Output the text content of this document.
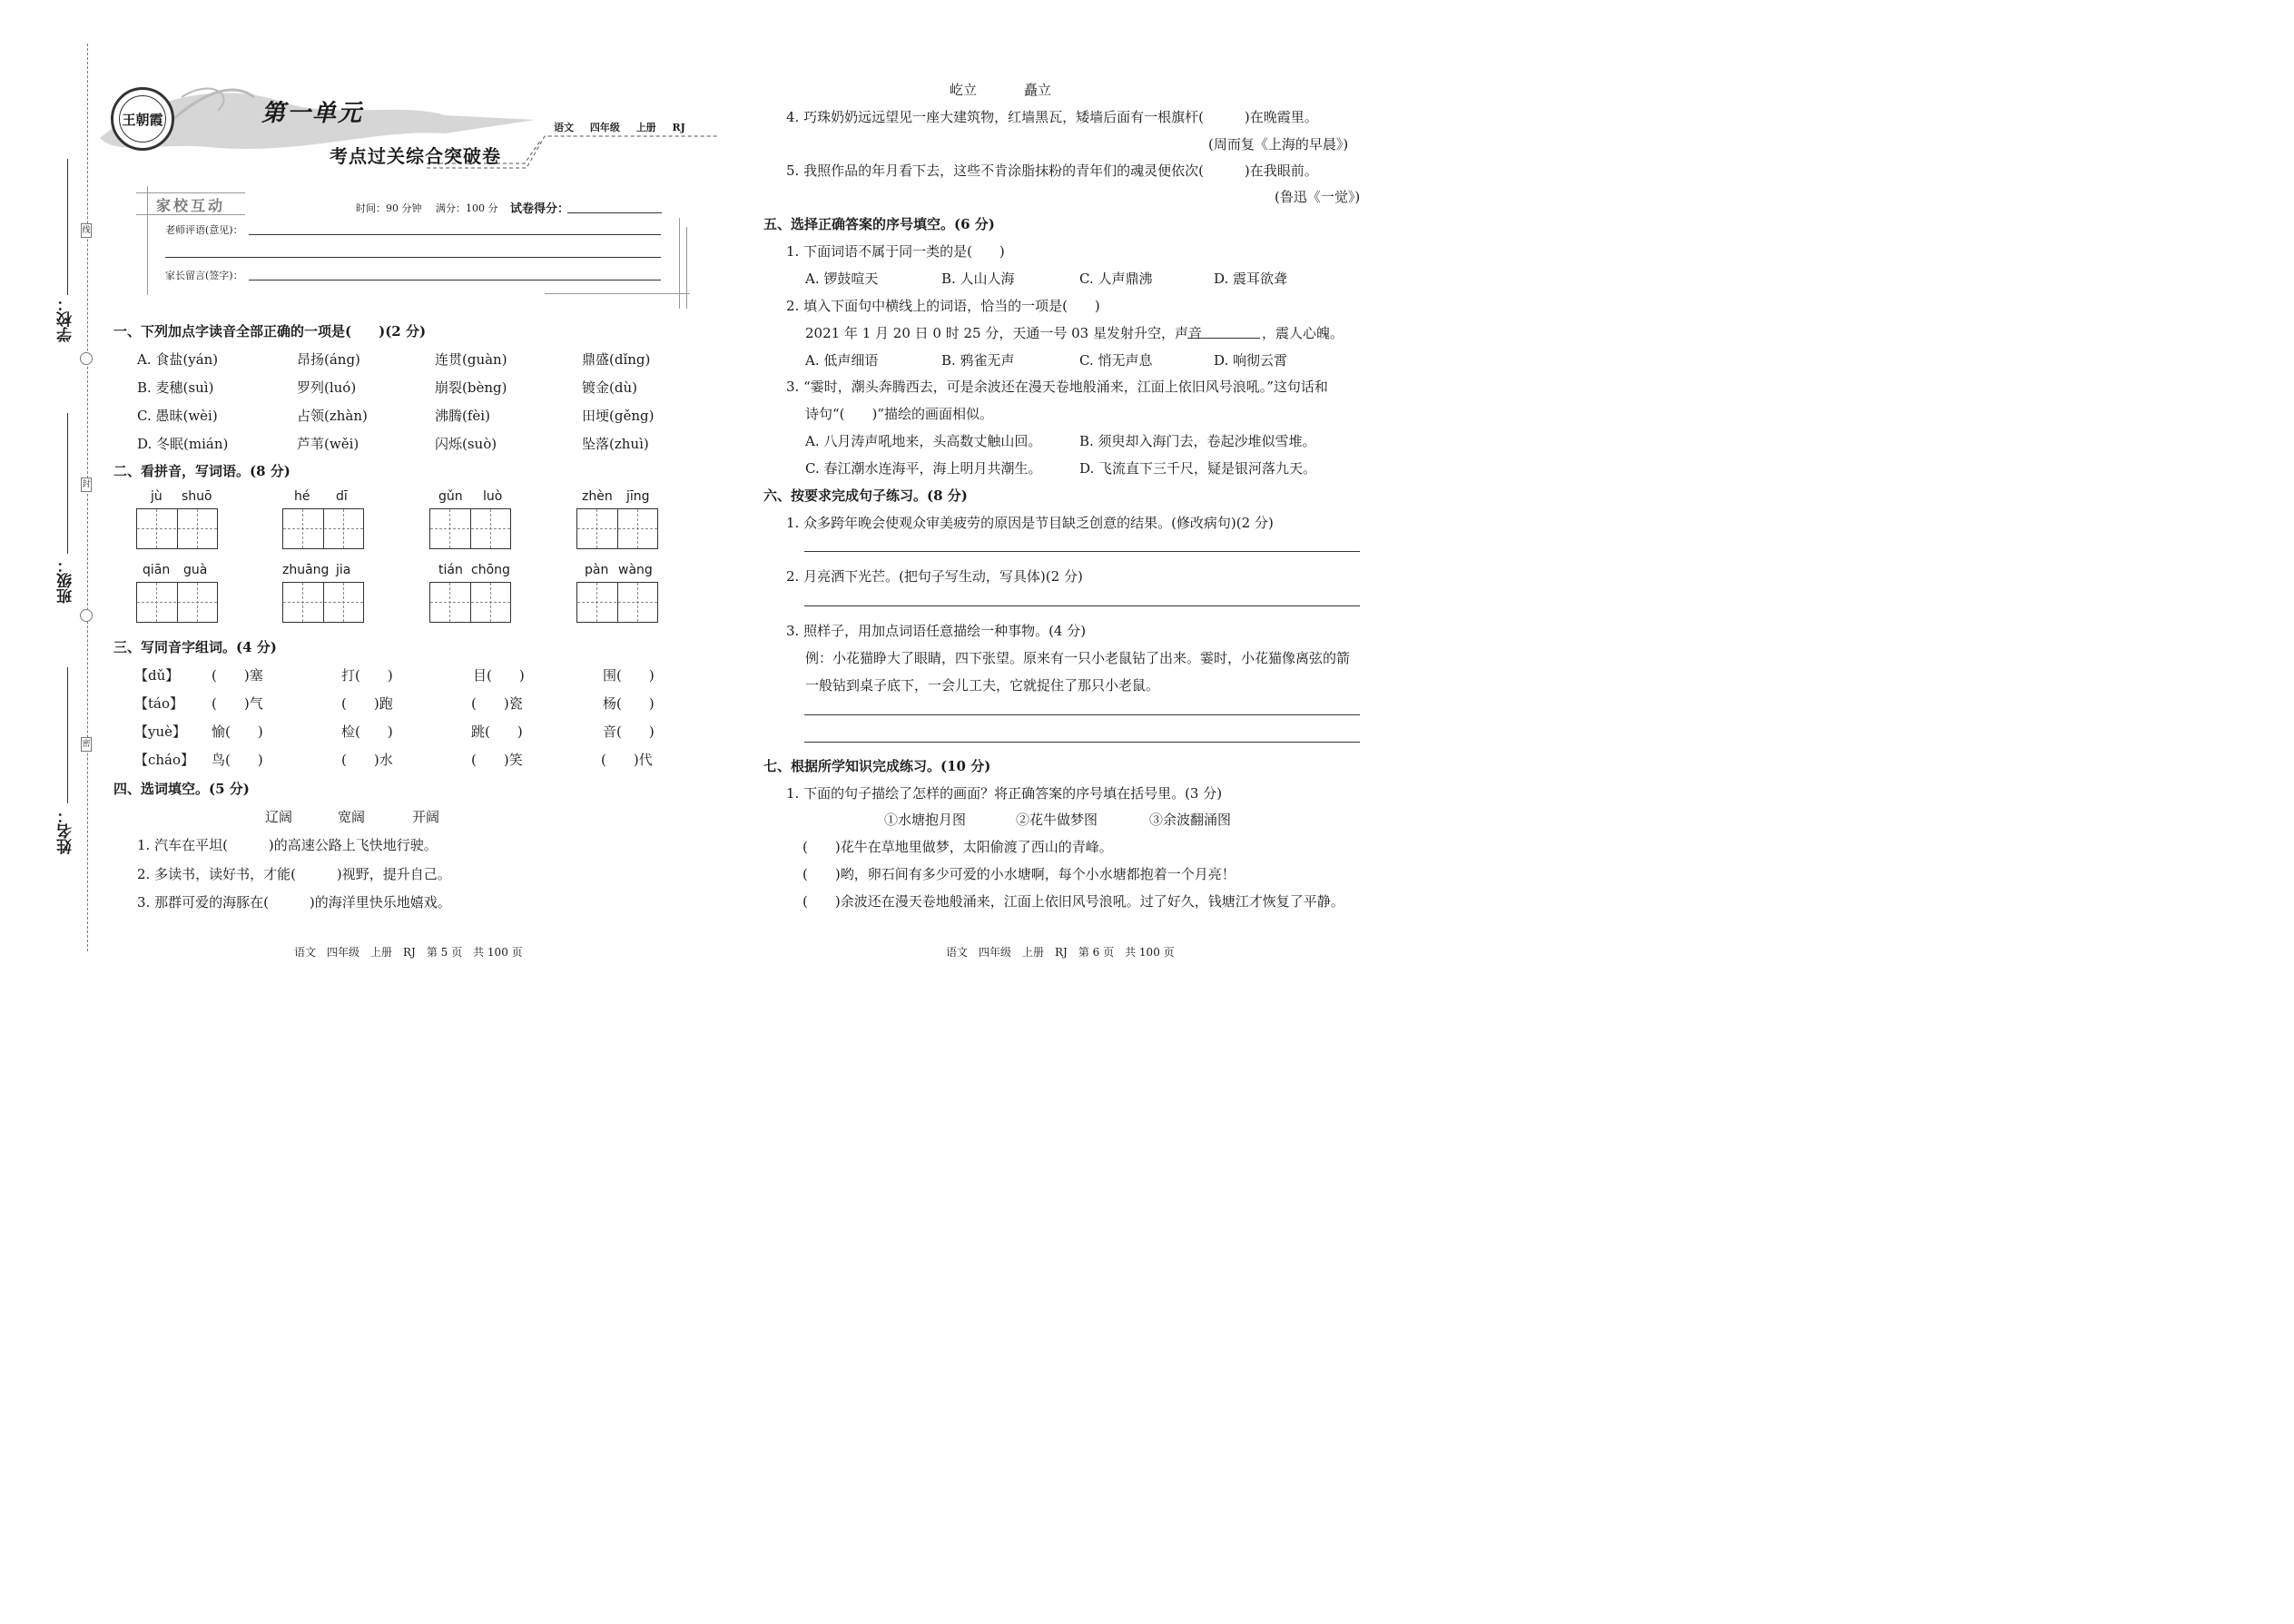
线
封
密
学校：
班级：
姓名：
王朝霞	第一单元
考点过关综合突破卷
语文 四年级 上册 RJ
家校互动	时间：90 分钟 满分：100 分 试卷得分：
老师评语(意见)：
家长留言(签字)：
一、下列加点字读音全部正确的一项是(　　)(2 分)
A. 食盐(yán)	昂扬(áng)	连贯(guàn)	鼎盛(dǐng)
B. 麦穗(suì)	罗列(luó)	崩裂(bèng)	镀金(dù)
C. 愚昧(wèi)	占领(zhàn)	沸腾(fèi)	田埂(gěng)
D. 冬眠(mián)	芦苇(wěi)	闪烁(suò)	坠落(zhuì)
二、看拼音，写词语。(8 分)
jù shuō	hé dī	gǔn luò	zhèn jīng
qiān guà	zhuāng jia	tián chōng	pàn wàng
三、写同音字组词。(4 分)
【dǔ】 (　　)塞	打(　　)	目(　　)	围(　　)
【táo】 (　　)气	(　　)跑	(　　)瓷	杨(　　)
【yuè】 愉(　　)	检(　　)	跳(　　)	音(　　)
【cháo】 鸟(　　)	(　　)水	(　　)笑	(　　)代
四、选词填空。(5 分)
辽阔	宽阔	开阔
1. 汽车在平坦(　　　)的高速公路上飞快地行驶。
2. 多读书，读好书，才能(　　　)视野，提升自己。
3. 那群可爱的海豚在(　　　)的海洋里快乐地嬉戏。
语文　四年级　上册　RJ　第 5 页　共 100 页
屹立	矗立
4. 巧珠奶奶远远望见一座大建筑物，红墙黑瓦，矮墙后面有一根旗杆(　　　)在晚霞里。
(周而复《上海的早晨》)
5. 我照作品的年月看下去，这些不肯涂脂抹粉的青年们的魂灵便依次(　　　)在我眼前。
(鲁迅《一觉》)
五、选择正确答案的序号填空。(6 分)
1. 下面词语不属于同一类的是(　　)
A. 锣鼓喧天	B. 人山人海	C. 人声鼎沸	D. 震耳欲聋
2. 填入下面句中横线上的词语，恰当的一项是(　　)
2021 年 1 月 20 日 0 时 25 分，天通一号 03 星发射升空，声音	，震人心魄。
A. 低声细语	B. 鸦雀无声	C. 悄无声息	D. 响彻云霄
3. “霎时，潮头奔腾西去，可是余波还在漫天卷地般涌来，江面上依旧风号浪吼。”这句话和
诗句“(　　)”描绘的画面相似。
A. 八月涛声吼地来，头高数丈触山回。	B. 须臾却入海门去，卷起沙堆似雪堆。
C. 春江潮水连海平，海上明月共潮生。	D. 飞流直下三千尺，疑是银河落九天。
六、按要求完成句子练习。(8 分)
1. 众多跨年晚会使观众审美疲劳的原因是节目缺乏创意的结果。(修改病句)(2 分)
2. 月亮洒下光芒。(把句子写生动，写具体)(2 分)
3. 照样子，用加点词语任意描绘一种事物。(4 分)
例：小花猫睁大了眼睛，四下张望。原来有一只小老鼠钻了出来。霎时，小花猫像离弦的箭
一般钻到桌子底下，一会儿工夫，它就捉住了那只小老鼠。
七、根据所学知识完成练习。(10 分)
1. 下面的句子描绘了怎样的画面？将正确答案的序号填在括号里。(3 分)
①水塘抱月图	②花牛做梦图	③余波翻涌图
(　　)花牛在草地里做梦，太阳偷渡了西山的青峰。
(　　)哟，卵石间有多少可爱的小水塘啊，每个小水塘都抱着一个月亮！
(　　)余波还在漫天卷地般涌来，江面上依旧风号浪吼。过了好久，钱塘江才恢复了平静。
语文　四年级　上册　RJ　第 6 页　共 100 页
